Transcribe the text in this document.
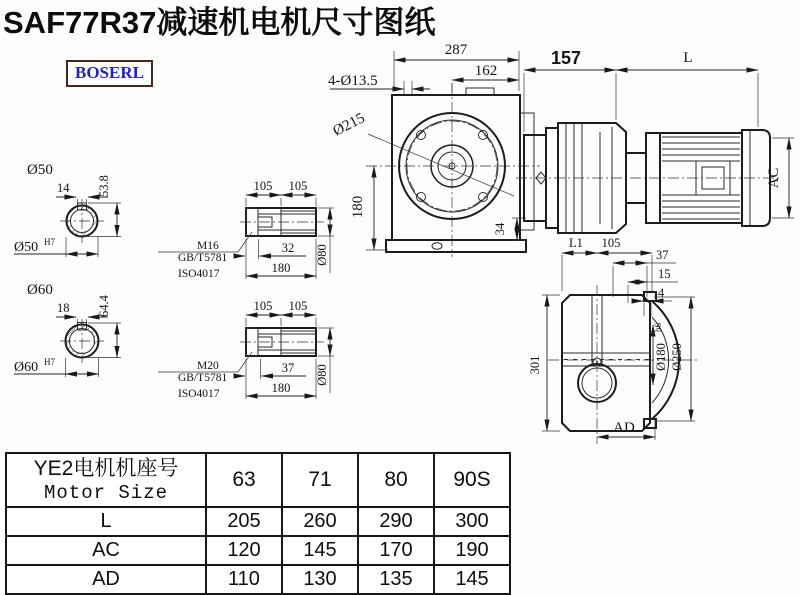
SAF77R37减速机电机尺寸图纸
BOSERL
287
162
4-Ø13.5
Ø215
180
34
157	L
AC
Ø50
14 53.8
Ø50 H7
Ø60
18 64.4
Ø60 H7
105 105
32
180
Ø80
M16
GB/T5781
ISO4017
105 105
37
180
Ø80
M20
GB/T5781
ISO4017
L1 105
37
15
4
301	Ø180
h6
Ø250
AD
YE2电机机座号
Motor Size	63	71	80	90S
L	205	260	290	300
AC	120	145	170	190
AD	110	130	135	145
